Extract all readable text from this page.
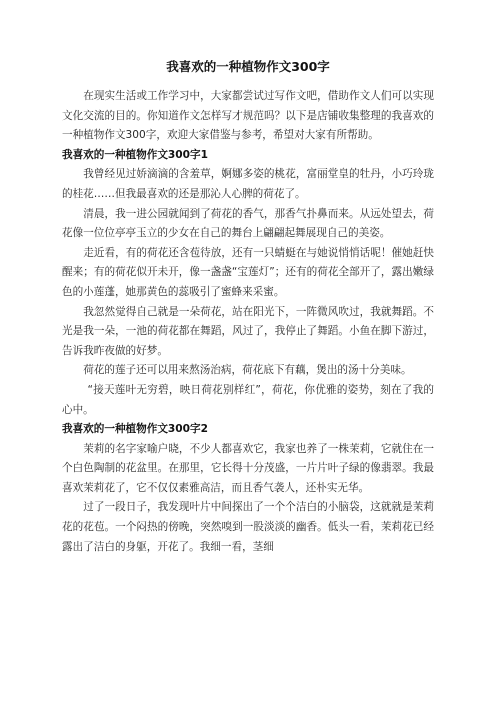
我喜欢的一种植物作文300字

在现实生活或工作学习中，大家都尝试过写作文吧，借助作文人们可以实现文化交流的目的。你知道作文怎样写才规范吗？以下是店铺收集整理的我喜欢的一种植物作文300字，欢迎大家借鉴与参考，希望对大家有所帮助。

我喜欢的一种植物作文300字1

我曾经见过娇滴滴的含羞草，婀娜多姿的桃花，富丽堂皇的牡丹，小巧玲珑的桂花……但我最喜欢的还是那沁人心脾的荷花了。

清晨，我一进公园就闻到了荷花的香气，那香气扑鼻而来。从远处望去，荷花像一位位亭亭玉立的少女在自己的舞台上翩翩起舞展现自己的美姿。

走近看，有的荷花还含苞待放，还有一只蜻蜓在与她说悄悄话呢！催她赶快醒来；有的荷花似开未开，像一盏盏“宝莲灯”；还有的荷花全部开了，露出嫩绿色的小莲蓬，她那黄色的蕊吸引了蜜蜂来采蜜。

我忽然觉得自己就是一朵荷花，站在阳光下，一阵微风吹过，我就舞蹈。不光是我一朵，一池的荷花都在舞蹈，风过了，我停止了舞蹈。小鱼在脚下游过，告诉我昨夜做的好梦。

荷花的莲子还可以用来熬汤治病，荷花底下有藕，煲出的汤十分美味。

“接天莲叶无穷碧，映日荷花别样红”，荷花，你优雅的姿势，刻在了我的心中。

我喜欢的一种植物作文300字2

茉莉的名字家喻户晓，不少人都喜欢它，我家也养了一株茉莉，它就住在一个白色陶制的花盆里。在那里，它长得十分茂盛，一片片叶子绿的像翡翠。我最喜欢茉莉花了，它不仅仅素雅高洁，而且香气袭人，还朴实无华。

过了一段日子，我发现叶片中间探出了一个个洁白的小脑袋，这就就是茉莉花的花苞。一个闷热的傍晚，突然嗅到一股淡淡的幽香。低头一看，茉莉花已经露出了洁白的身躯，开花了。我细一看，茎细
